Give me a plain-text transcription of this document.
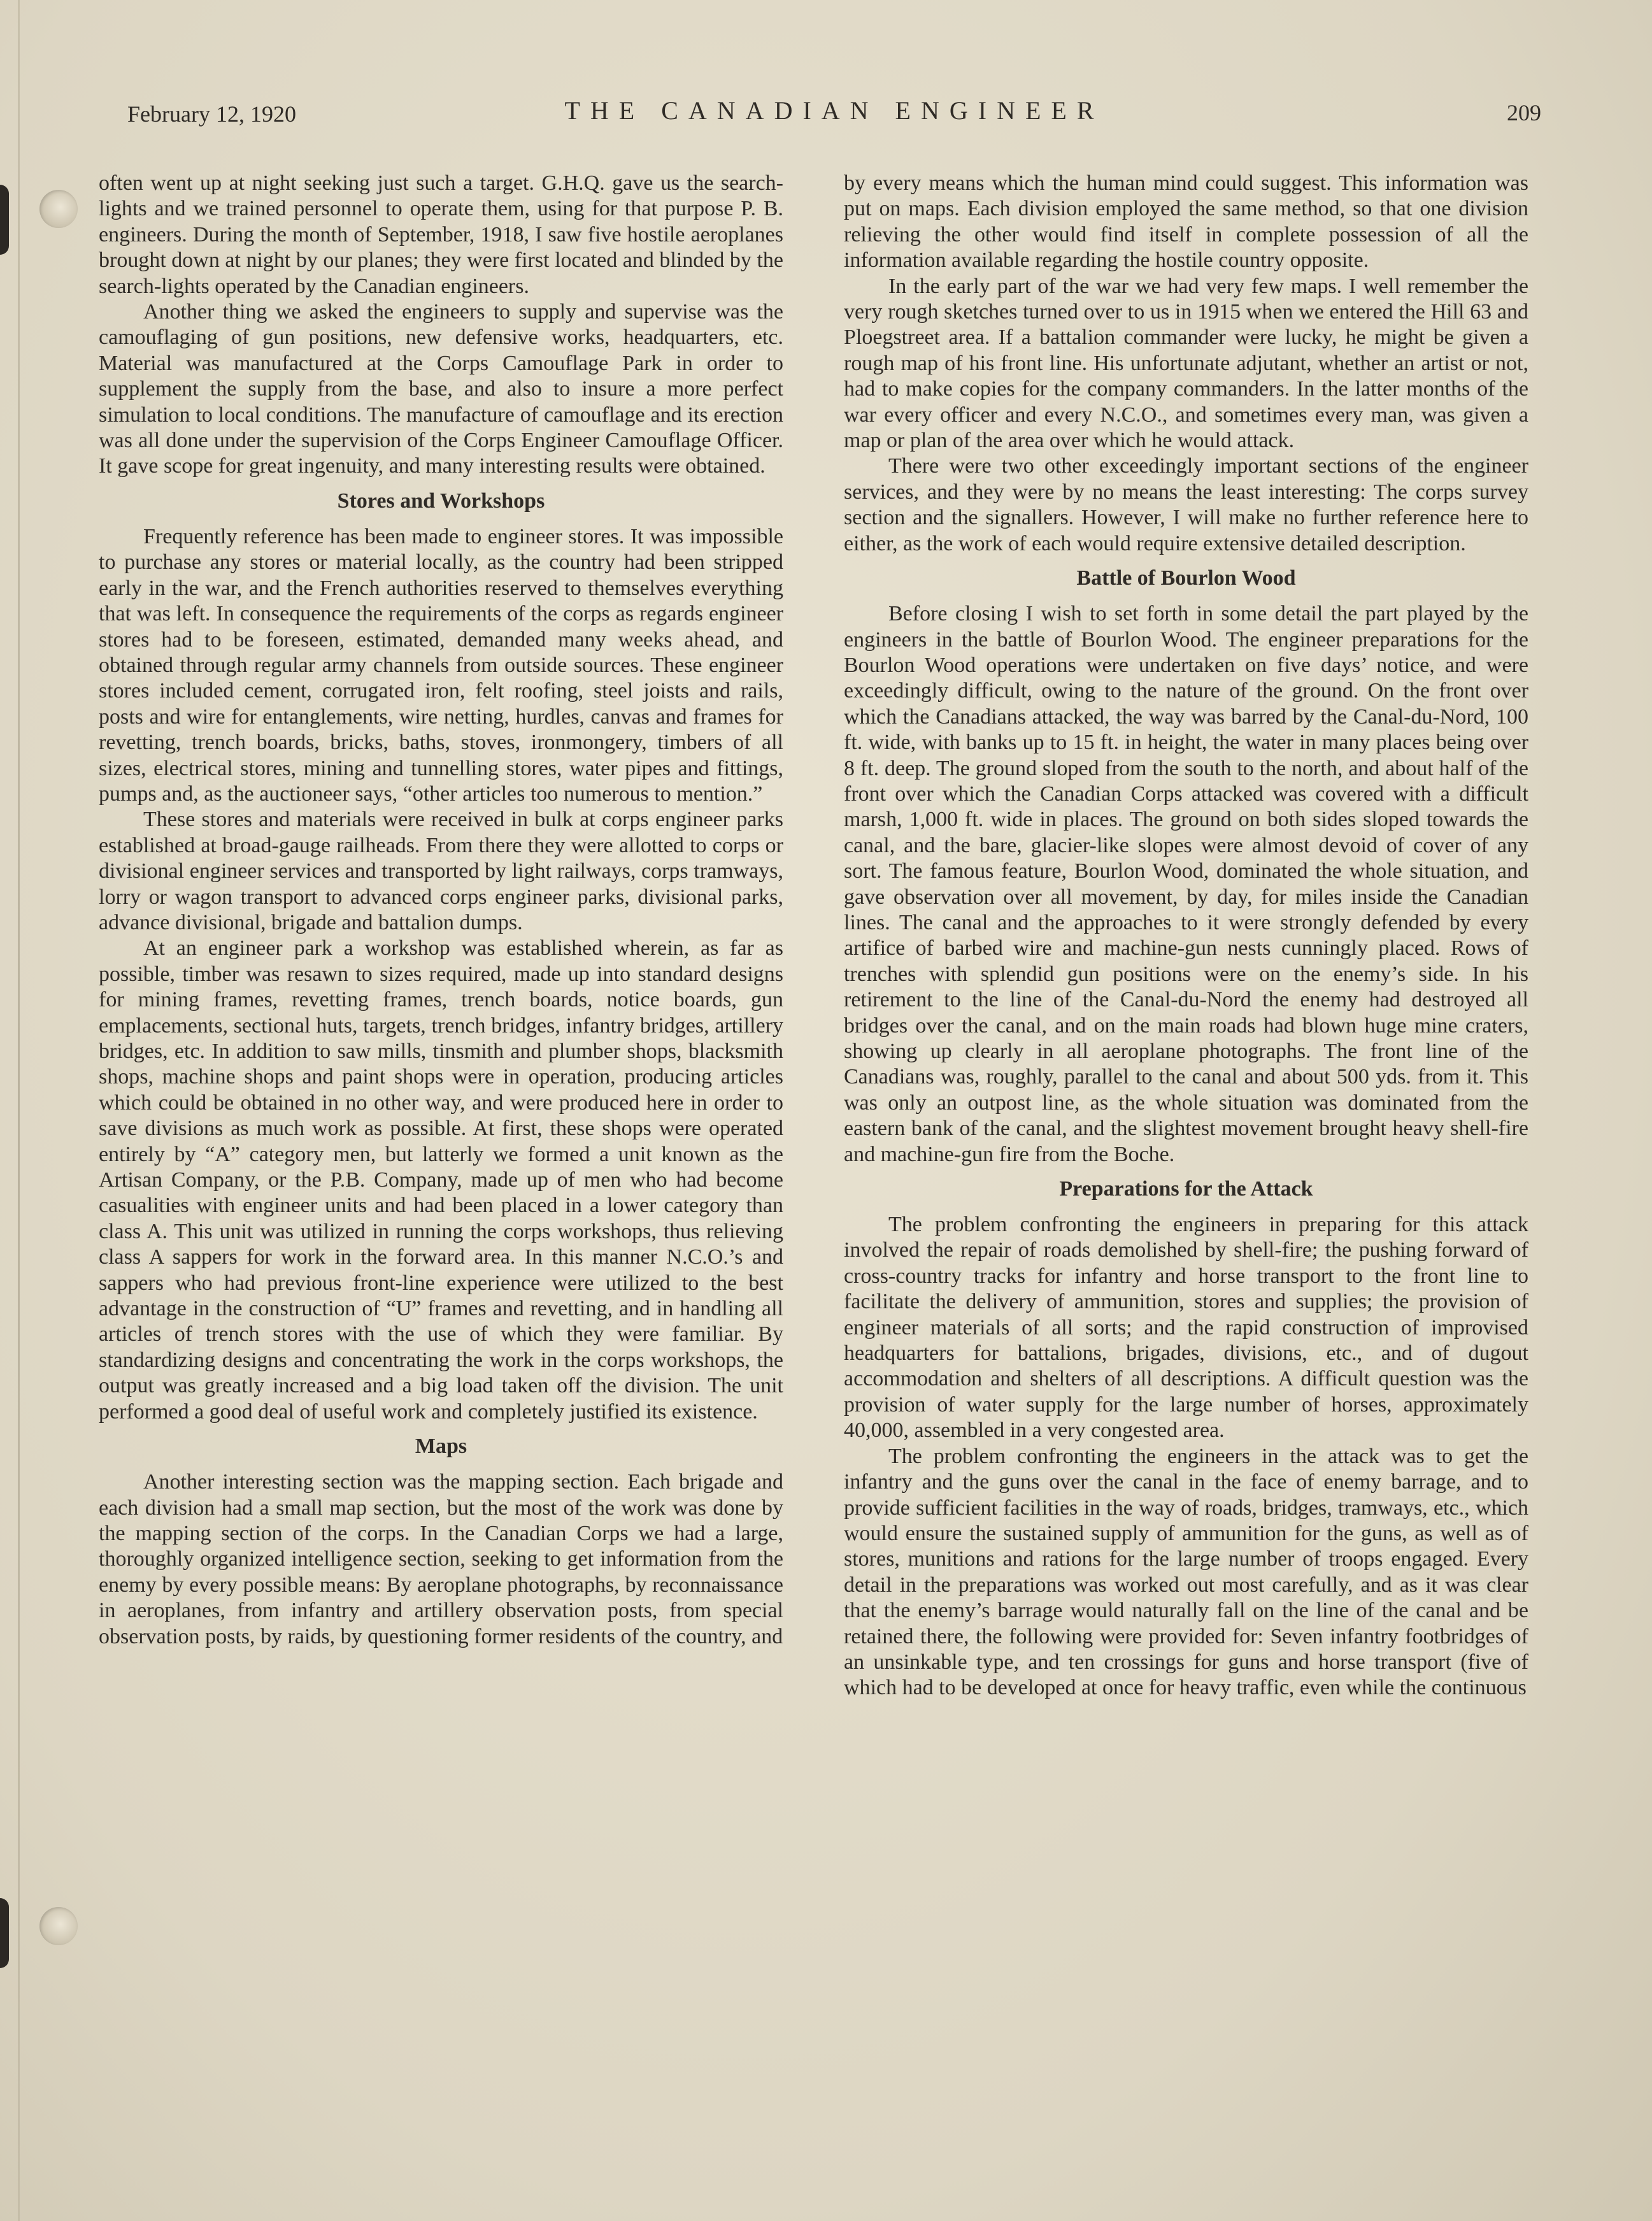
February 12, 1920	THE CANADIAN ENGINEER	209

often went up at night seeking just such a target. G.H.Q. gave us the search-lights and we trained personnel to operate them, using for that purpose P. B. engineers. During the month of September, 1918, I saw five hostile aeroplanes brought down at night by our planes; they were first located and blinded by the search-lights operated by the Canadian engineers.

Another thing we asked the engineers to supply and supervise was the camouflaging of gun positions, new defensive works, headquarters, etc. Material was manufactured at the Corps Camouflage Park in order to supplement the supply from the base, and also to insure a more perfect simulation to local conditions. The manufacture of camouflage and its erection was all done under the supervision of the Corps Engineer Camouflage Officer. It gave scope for great ingenuity, and many interesting results were obtained.

Stores and Workshops

Frequently reference has been made to engineer stores. It was impossible to purchase any stores or material locally, as the country had been stripped early in the war, and the French authorities reserved to themselves everything that was left. In consequence the requirements of the corps as regards engineer stores had to be foreseen, estimated, demanded many weeks ahead, and obtained through regular army channels from outside sources. These engineer stores included cement, corrugated iron, felt roofing, steel joists and rails, posts and wire for entanglements, wire netting, hurdles, canvas and frames for revetting, trench boards, bricks, baths, stoves, ironmongery, timbers of all sizes, electrical stores, mining and tunnelling stores, water pipes and fittings, pumps and, as the auctioneer says, “other articles too numerous to mention.”

These stores and materials were received in bulk at corps engineer parks established at broad-gauge railheads. From there they were allotted to corps or divisional engineer services and transported by light railways, corps tramways, lorry or wagon transport to advanced corps engineer parks, divisional parks, advance divisional, brigade and battalion dumps.

At an engineer park a workshop was established wherein, as far as possible, timber was resawn to sizes required, made up into standard designs for mining frames, revetting frames, trench boards, notice boards, gun emplacements, sectional huts, targets, trench bridges, infantry bridges, artillery bridges, etc. In addition to saw mills, tinsmith and plumber shops, blacksmith shops, machine shops and paint shops were in operation, producing articles which could be obtained in no other way, and were produced here in order to save divisions as much work as possible. At first, these shops were operated entirely by “A” category men, but latterly we formed a unit known as the Artisan Company, or the P.B. Company, made up of men who had become casualities with engineer units and had been placed in a lower category than class A. This unit was utilized in running the corps workshops, thus relieving class A sappers for work in the forward area. In this manner N.C.O.’s and sappers who had previous front-line experience were utilized to the best advantage in the construction of “U” frames and revetting, and in handling all articles of trench stores with the use of which they were familiar. By standardizing designs and concentrating the work in the corps workshops, the output was greatly increased and a big load taken off the division. The unit performed a good deal of useful work and completely justified its existence.

Maps

Another interesting section was the mapping section. Each brigade and each division had a small map section, but the most of the work was done by the mapping section of the corps. In the Canadian Corps we had a large, thoroughly organized intelligence section, seeking to get information from the enemy by every possible means: By aeroplane photographs, by reconnaissance in aeroplanes, from infantry and artillery observation posts, from special observation posts, by raids, by questioning former residents of the country, and

by every means which the human mind could suggest. This information was put on maps. Each division employed the same method, so that one division relieving the other would find itself in complete possession of all the information available regarding the hostile country opposite.

In the early part of the war we had very few maps. I well remember the very rough sketches turned over to us in 1915 when we entered the Hill 63 and Ploegstreet area. If a battalion commander were lucky, he might be given a rough map of his front line. His unfortunate adjutant, whether an artist or not, had to make copies for the company commanders. In the latter months of the war every officer and every N.C.O., and sometimes every man, was given a map or plan of the area over which he would attack.

There were two other exceedingly important sections of the engineer services, and they were by no means the least interesting: The corps survey section and the signallers. However, I will make no further reference here to either, as the work of each would require extensive detailed description.

Battle of Bourlon Wood

Before closing I wish to set forth in some detail the part played by the engineers in the battle of Bourlon Wood. The engineer preparations for the Bourlon Wood operations were undertaken on five days’ notice, and were exceedingly difficult, owing to the nature of the ground. On the front over which the Canadians attacked, the way was barred by the Canal-du-Nord, 100 ft. wide, with banks up to 15 ft. in height, the water in many places being over 8 ft. deep. The ground sloped from the south to the north, and about half of the front over which the Canadian Corps attacked was covered with a difficult marsh, 1,000 ft. wide in places. The ground on both sides sloped towards the canal, and the bare, glacier-like slopes were almost devoid of cover of any sort. The famous feature, Bourlon Wood, dominated the whole situation, and gave observation over all movement, by day, for miles inside the Canadian lines. The canal and the approaches to it were strongly defended by every artifice of barbed wire and machine-gun nests cunningly placed. Rows of trenches with splendid gun positions were on the enemy’s side. In his retirement to the line of the Canal-du-Nord the enemy had destroyed all bridges over the canal, and on the main roads had blown huge mine craters, showing up clearly in all aeroplane photographs. The front line of the Canadians was, roughly, parallel to the canal and about 500 yds. from it. This was only an outpost line, as the whole situation was dominated from the eastern bank of the canal, and the slightest movement brought heavy shell-fire and machine-gun fire from the Boche.

Preparations for the Attack

The problem confronting the engineers in preparing for this attack involved the repair of roads demolished by shell-fire; the pushing forward of cross-country tracks for infantry and horse transport to the front line to facilitate the delivery of ammunition, stores and supplies; the provision of engineer materials of all sorts; and the rapid construction of improvised headquarters for battalions, brigades, divisions, etc., and of dugout accommodation and shelters of all descriptions. A difficult question was the provision of water supply for the large number of horses, approximately 40,000, assembled in a very congested area.

The problem confronting the engineers in the attack was to get the infantry and the guns over the canal in the face of enemy barrage, and to provide sufficient facilities in the way of roads, bridges, tramways, etc., which would ensure the sustained supply of ammunition for the guns, as well as of stores, munitions and rations for the large number of troops engaged. Every detail in the preparations was worked out most carefully, and as it was clear that the enemy’s barrage would naturally fall on the line of the canal and be retained there, the following were provided for: Seven infantry footbridges of an unsinkable type, and ten crossings for guns and horse transport (five of which had to be developed at once for heavy traffic, even while the continuous
